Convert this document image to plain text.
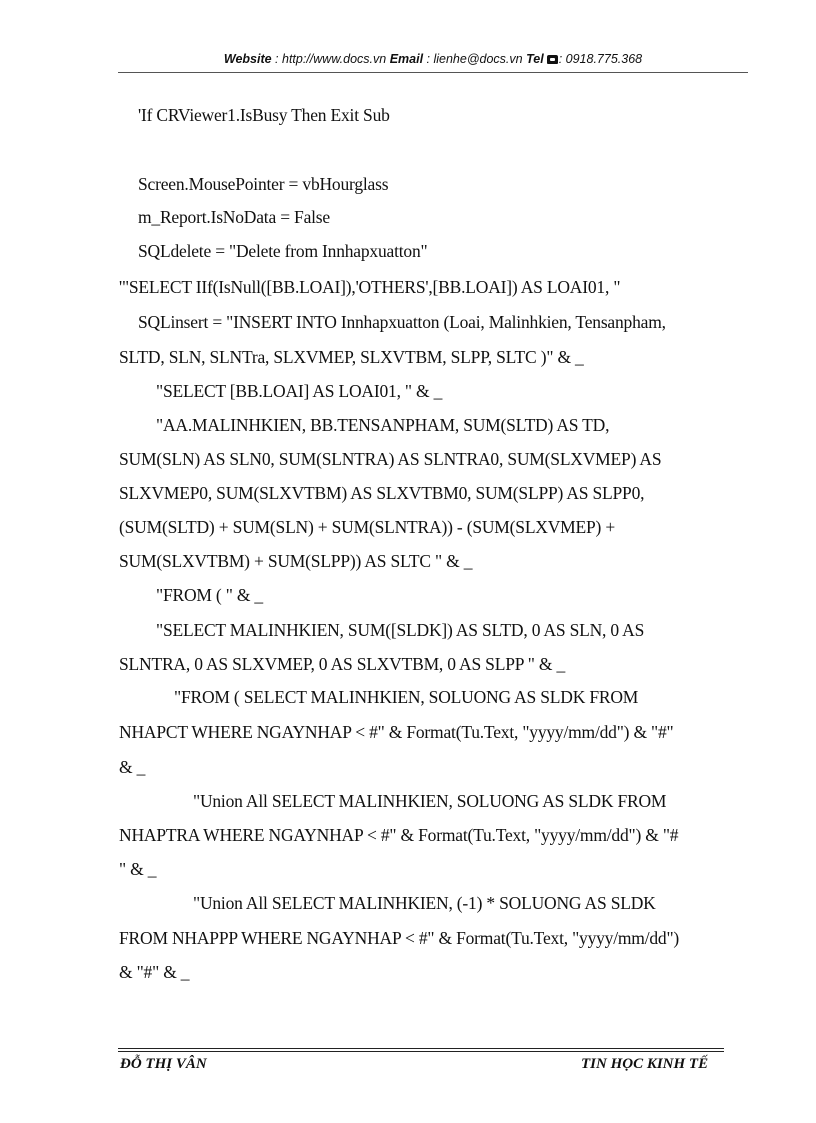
Website : http://www.docs.vn Email : lienhe@docs.vn Tel : 0918.775.368
'If CRViewer1.IsBusy Then Exit Sub
Screen.MousePointer = vbHourglass
m_Report.IsNoData = False
SQLdelete = "Delete from Innhapxuatton"
'"SELECT IIf(IsNull([BB.LOAI]),'OTHERS',[BB.LOAI]) AS LOAI01, "
SQLinsert = "INSERT INTO Innhapxuatton (Loai, Malinhkien, Tensanpham,
SLTD, SLN, SLNTra, SLXVMEP, SLXVTBM, SLPP, SLTC )" & _
"SELECT [BB.LOAI] AS LOAI01, " & _
"AA.MALINHKIEN, BB.TENSANPHAM, SUM(SLTD) AS TD,
SUM(SLN) AS SLN0, SUM(SLNTRA) AS SLNTRA0, SUM(SLXVMEP) AS
SLXVMEP0, SUM(SLXVTBM) AS SLXVTBM0, SUM(SLPP) AS SLPP0,
(SUM(SLTD) + SUM(SLN) + SUM(SLNTRA)) - (SUM(SLXVMEP) +
SUM(SLXVTBM) + SUM(SLPP)) AS SLTC " & _
"FROM ( " & _
"SELECT MALINHKIEN, SUM([SLDK]) AS SLTD, 0 AS SLN, 0 AS
SLNTRA, 0 AS SLXVMEP, 0 AS SLXVTBM, 0 AS SLPP " & _
"FROM ( SELECT MALINHKIEN, SOLUONG AS SLDK FROM
NHAPCT WHERE NGAYNHAP < #" & Format(Tu.Text, "yyyy/mm/dd") & "#"
& _
"Union All SELECT MALINHKIEN, SOLUONG AS SLDK FROM
NHAPTRA WHERE NGAYNHAP < #" & Format(Tu.Text, "yyyy/mm/dd") & "#
" & _
"Union All SELECT MALINHKIEN, (-1) * SOLUONG AS SLDK
FROM NHAPPP WHERE NGAYNHAP < #" & Format(Tu.Text, "yyyy/mm/dd")
& "#" & _
ĐỖ THỊ VÂN	TIN HỌC KINH TẾ
